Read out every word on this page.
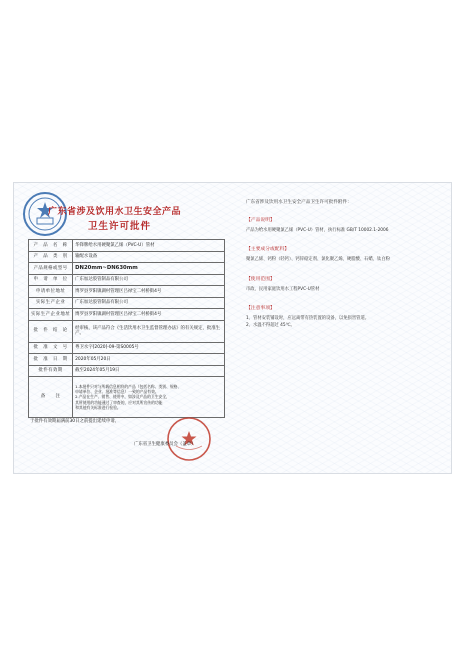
广东省涉及饮用水卫生安全产品
卫生许可批件
产　品　名　称	华锋牌给水用硬聚氯乙烯（PVC-U）管材
产　品　类　别	输配水设备
产品规格或型号	DN20mm~DN630mm
申　请　单　位	广东加达胶管制品有限公司
申请单位地址	博罗县罗阳镇湖村管理区吕禄宝二村桥街4号
实际生产企业	广东加达胶管制品有限公司
实际生产企业地址	博罗县罗阳镇湖村管理区吕禄宝二村桥街4号
批　件　结　论	经审核，该产品符合《生活饮用水卫生监督管理办法》的有关规定，批准生产。
批　准　文　号	粤卫水字[2020]-09-第S0005号
批　准　日　期	2020年05月20日
批件有效期	截至2024年05月19日
备　　注	1.本批件只对与所载信息相符的产品（包括名称、类别、规格、
申请单位、企业、批准等信息）一致的产品有效。
2.产品在生产、销售、使用中，如涉及产品的卫生安全，
其所使用的功能通过了审查的，应对其所宣传的功能
和其他有关标准进行检验。
于批件有效期届满前30日之前提出延续申请。
广东省卫生健康委员会（盖章）
广东省涉及饮用水卫生安全产品卫生许可批件附件：
【产品说明】
产品为给水用硬聚氯乙烯（PVC-U）管材，执行标准 GB/T 10002.1-2006
【主要成分或配料】
聚氯乙烯、钙粉（轻钙）、钙锌稳定剂、氯化聚乙烯、硬脂酸、石蜡、钛白粉
【使用范围】
市政、民用家庭饮用水工程PVC-U管材
【注意事项】
1、管材安装铺设时，应远离带有热装置的设备，以免损害管道。
2、水温不得超过 45℃。
